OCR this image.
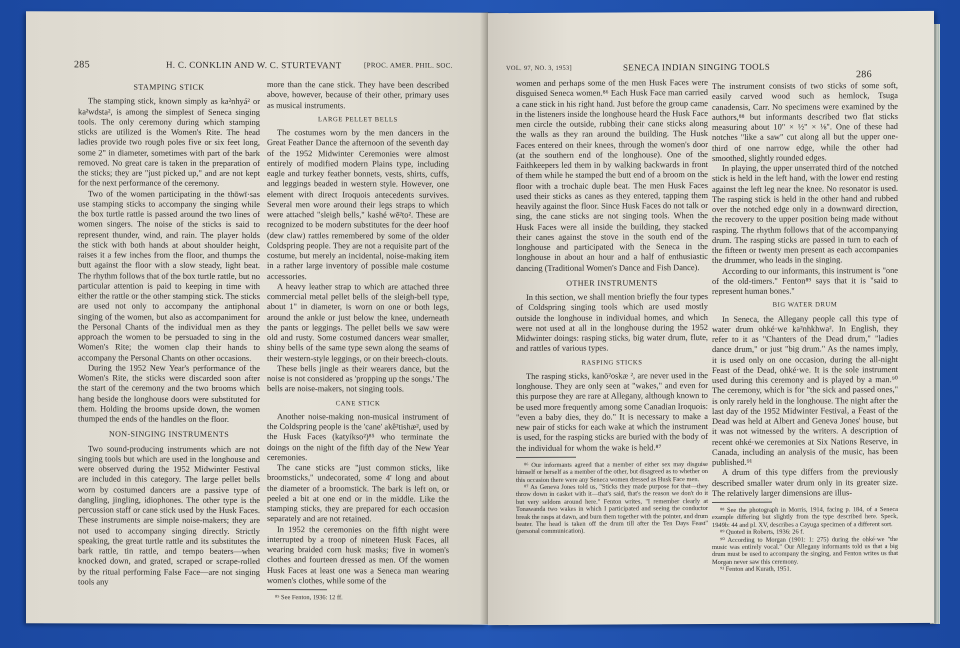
285	H. C. CONKLIN AND W. C. STURTEVANT	[PROC. AMER. PHIL. SOC.
STAMPING STICK

The stamping stick, known simply as ka²nhyá² or ka²wdsta², is among the simplest of Seneca singing tools. The only ceremony during which stamping sticks are utilized is the Women's Rite. The head ladies provide two rough poles five or six feet long, some 2" in diameter, sometimes with part of the bark removed. No great care is taken in the preparation of the sticks; they are "just picked up," and are not kept for the next performance of the ceremony.

Two of the women participating in the thōwī·sas use stamping sticks to accompany the singing while the box turtle rattle is passed around the two lines of women singers. The noise of the sticks is said to represent thunder, wind, and rain. The player holds the stick with both hands at about shoulder height, raises it a few inches from the floor, and thumps the butt against the floor with a slow steady, light beat. The rhythm follows that of the box turtle rattle, but no particular attention is paid to keeping in time with either the rattle or the other stamping stick. The sticks are used not only to accompany the antiphonal singing of the women, but also as accompaniment for the Personal Chants of the individual men as they approach the women to be persuaded to sing in the Women's Rite; the women clap their hands to accompany the Personal Chants on other occasions.

During the 1952 New Year's performance of the Women's Rite, the sticks were discarded soon after the start of the ceremony and the two brooms which hang beside the longhouse doors were substituted for them. Holding the brooms upside down, the women thumped the ends of the handles on the floor.

NON-SINGING INSTRUMENTS

Two sound-producing instruments which are not singing tools but which are used in the longhouse and were observed during the 1952 Midwinter Festival are included in this category. The large pellet bells worn by costumed dancers are a passive type of dangling, jingling, idiophones. The other type is the percussion staff or cane stick used by the Husk Faces. These instruments are simple noise-makers; they are not used to accompany singing directly. Strictly speaking, the great turtle rattle and its substitutes the bark rattle, tin rattle, and tempo beaters—when knocked down, and grated, scraped or scrape-rolled by the ritual performing False Face—are not singing tools any

more than the cane stick. They have been described above, however, because of their other, primary uses as musical instruments.

LARGE PELLET BELLS

The costumes worn by the men dancers in the Great Feather Dance the afternoon of the seventh day of the 1952 Midwinter Ceremonies were almost entirely of modified modern Plains type, including eagle and turkey feather bonnets, vests, shirts, cuffs, and leggings beaded in western style. However, one element with direct Iroquois antecedents survives. Several men wore around their legs straps to which were attached "sleigh bells," kashé wē²to². These are recognized to be modern substitutes for the deer hoof (dew claw) rattles remembered by some of the older Coldspring people. They are not a requisite part of the costume, but merely an incidental, noise-making item in a rather large inventory of possible male costume accessories.

A heavy leather strap to which are attached three commercial metal pellet bells of the sleigh-bell type, about 1" in diameter, is worn on one or both legs, around the ankle or just below the knee, underneath the pants or leggings. The pellet bells we saw were old and rusty. Some costumed dancers wear smaller, shiny bells of the same type sewn along the seams of their western-style leggings, or on their breech-clouts.

These bells jingle as their wearers dance, but the noise is not considered as 'propping up the songs.' The bells are noise-makers, not singing tools.

CANE STICK

Another noise-making non-musical instrument of the Coldspring people is the 'cane' akê²tishæ², used by the Husk Faces (katyíkso²)⁸⁵ who terminate the doings on the night of the fifth day of the New Year ceremonies.

The cane sticks are "just common sticks, like broomsticks," undecorated, some 4' long and about the diameter of a broomstick. The bark is left on, or peeled a bit at one end or in the middle. Like the stamping sticks, they are prepared for each occasion separately and are not retained.

In 1952 the ceremonies on the fifth night were interrupted by a troop of nineteen Husk Faces, all wearing braided corn husk masks; five in women's clothes and fourteen dressed as men. Of the women Husk Faces at least one was a Seneca man wearing women's clothes, while some of the

⁸⁵ See Fenton, 1936: 12 ff.

VOL. 97, NO. 3, 1953]	SENECA INDIAN SINGING TOOLS
286

women and perhaps some of the men Husk Faces were disguised Seneca women.⁸⁶ Each Husk Face man carried a cane stick in his right hand. Just before the group came in the listeners inside the longhouse heard the Husk Face men circle the outside, rubbing their cane sticks along the walls as they ran around the building. The Husk Faces entered on their knees, through the women's door (at the southern end of the longhouse). One of the Faithkeepers led them in by walking backwards in front of them while he stamped the butt end of a broom on the floor with a trochaic duple beat. The men Husk Faces used their sticks as canes as they entered, tapping them heavily against the floor. Since Husk Faces do not talk or sing, the cane sticks are not singing tools. When the Husk Faces were all inside the building, they stacked their canes against the stove in the south end of the longhouse and participated with the Seneca in the longhouse in about an hour and a half of enthusiastic dancing (Traditional Women's Dance and Fish Dance).

OTHER INSTRUMENTS

In this section, we shall mention briefly the four types of Coldspring singing tools which are used mostly outside the longhouse in individual homes, and which were not used at all in the longhouse during the 1952 Midwinter doings: rasping sticks, big water drum, flute, and rattles of various types.

RASPING STICKS

The rasping sticks, kanō²oskæ ², are never used in the longhouse. They are only seen at "wakes," and even for this purpose they are rare at Allegany, although known to be used more frequently among some Canadian Iroquois: "even a baby dies, they do." It is necessary to make a new pair of sticks for each wake at which the instrument is used, for the rasping sticks are buried with the body of the individual for whom the wake is held.⁸⁷

⁸⁶ Our informants agreed that a member of either sex may disguise himself or herself as a member of the other, but disagreed as to whether on this occasion there were any Seneca women dressed as Husk Face men.

⁸⁷ As Geneva Jones told us, "Sticks they made purpose for that—they throw down in casket with it—that's said, that's the reason we don't do it but very seldom around here." Fenton writes, "I remember clearly at Tonawanda two wakes in which I participated and seeing the conductor break the rasps at dawn, and burn them together with the pointer, and drum beater. The head is taken off the drum till after the Ten Days Feast" (personal communication).

The instrument consists of two sticks of some soft, easily carved wood such as hemlock, Tsuga canadensis, Carr. No specimens were examined by the authors,⁸⁸ but informants described two flat sticks measuring about 10" × ½" × ⅛". One of these had notches "like a saw" cut along all but the upper one-third of one narrow edge, while the other had smoothed, slightly rounded edges.

In playing, the upper unserrated third of the notched stick is held in the left hand, with the lower end resting against the left leg near the knee. No resonator is used. The rasping stick is held in the other hand and rubbed over the notched edge only in a downward direction, the recovery to the upper position being made without rasping. The rhythm follows that of the accompanying drum. The rasping sticks are passed in turn to each of the fifteen or twenty men present as each accompanies the drummer, who leads in the singing.

According to our informants, this instrument is "one of the old-timers." Fenton⁸⁹ says that it is "said to represent human bones."

BIG WATER DRUM

In Seneca, the Allegany people call this type of water drum ohké·we ka²nhkhwa². In English, they refer to it as "Chanters of the Dead drum," "ladies dance drum," or just "big drum." As the names imply, it is used only on one occasion, during the all-night Feast of the Dead, ohké·we. It is the sole instrument used during this ceremony and is played by a man.⁹⁰ The ceremony, which is for "the sick and passed ones," is only rarely held in the longhouse. The night after the last day of the 1952 Midwinter Festival, a Feast of the Dead was held at Albert and Geneva Jones' house, but it was not witnessed by the writers. A description of recent ohké·we ceremonies at Six Nations Reserve, in Canada, including an analysis of the music, has been published.⁹¹

A drum of this type differs from the previously described smaller water drum only in its greater size. The relatively larger dimensions are illus-

⁸⁸ See the photograph in Morris, 1914, facing p. 184, of a Seneca example differing but slightly from the type described here. Speck, 1949b: 44 and pl. XV, describes a Cayuga specimen of a different sort.

⁸⁹ Quoted in Roberts, 1936: 26 f.

⁹⁰ According to Morgan (1901: 1: 275) during the ohké·we "the music was entirely vocal." Our Allegany informants told us that a big drum must be used to accompany the singing, and Fenton writes us that Morgan never saw this ceremony.

⁹¹ Fenton and Kurath, 1951.
